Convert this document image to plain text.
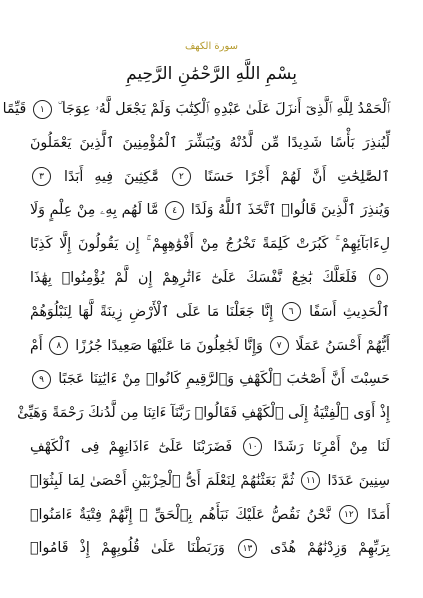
سورة الكهف
بِسْمِ اللَّهِ الرَّحْمَٰنِ الرَّحِيمِ
ٱلْحَمْدُ لِلَّهِ ٱلَّذِىٓ أَنزَلَ عَلَىٰ عَبْدِهِ ٱلْكِتَٰبَ وَلَمْ يَجْعَل لَّهُۥ عِوَجَا ۜ ١ قَيِّمًا
لِّيُنذِرَ بَأْسًا شَدِيدًا مِّن لَّدُنْهُ وَيُبَشِّرَ ٱلْمُؤْمِنِينَ ٱلَّذِينَ يَعْمَلُونَ
ٱلصَّٰلِحَٰتِ أَنَّ لَهُمْ أَجْرًا حَسَنًا ٢ مَّٰكِثِينَ فِيهِ أَبَدًا ٣
وَيُنذِرَ ٱلَّذِينَ قَالُوا۟ ٱتَّخَذَ ٱللَّهُ وَلَدًا ٤ مَّا لَهُم بِهِۦ مِنْ عِلْمٍ وَلَا
لِءَابَآئِهِمْ ۚ كَبُرَتْ كَلِمَةً تَخْرُجُ مِنْ أَفْوَٰهِهِمْ ۚ إِن يَقُولُونَ إِلَّا كَذِبًا
٥ فَلَعَلَّكَ بَٰخِعٌ نَّفْسَكَ عَلَىٰٓ ءَاثَٰرِهِمْ إِن لَّمْ يُؤْمِنُوا۟ بِهَٰذَا
ٱلْحَدِيثِ أَسَفًا ٦ إِنَّا جَعَلْنَا مَا عَلَى ٱلْأَرْضِ زِينَةً لَّهَا لِنَبْلُوَهُمْ
أَيُّهُمْ أَحْسَنُ عَمَلًا ٧ وَإِنَّا لَجَٰعِلُونَ مَا عَلَيْهَا صَعِيدًا جُرُزًا ٨ أَمْ
حَسِبْتَ أَنَّ أَصْحَٰبَ ٱلْكَهْفِ وَٱلرَّقِيمِ كَانُوا۟ مِنْ ءَايَٰتِنَا عَجَبًا ٩
إِذْ أَوَى ٱلْفِتْيَةُ إِلَى ٱلْكَهْفِ فَقَالُوا۟ رَبَّنَآ ءَاتِنَا مِن لَّدُنكَ رَحْمَةً وَهَيِّئْ
لَنَا مِنْ أَمْرِنَا رَشَدًا ١٠ فَضَرَبْنَا عَلَىٰٓ ءَاذَانِهِمْ فِى ٱلْكَهْفِ
سِنِينَ عَدَدًا ١١ ثُمَّ بَعَثْنَٰهُمْ لِنَعْلَمَ أَىُّ ٱلْحِزْبَيْنِ أَحْصَىٰ لِمَا لَبِثُوٓا۟
أَمَدًا ١٢ نَّحْنُ نَقُصُّ عَلَيْكَ نَبَأَهُم بِٱلْحَقِّ ۚ إِنَّهُمْ فِتْيَةٌ ءَامَنُوا۟
بِرَبِّهِمْ وَزِدْنَٰهُمْ هُدًى ١٣ وَرَبَطْنَا عَلَىٰ قُلُوبِهِمْ إِذْ قَامُوا۟
